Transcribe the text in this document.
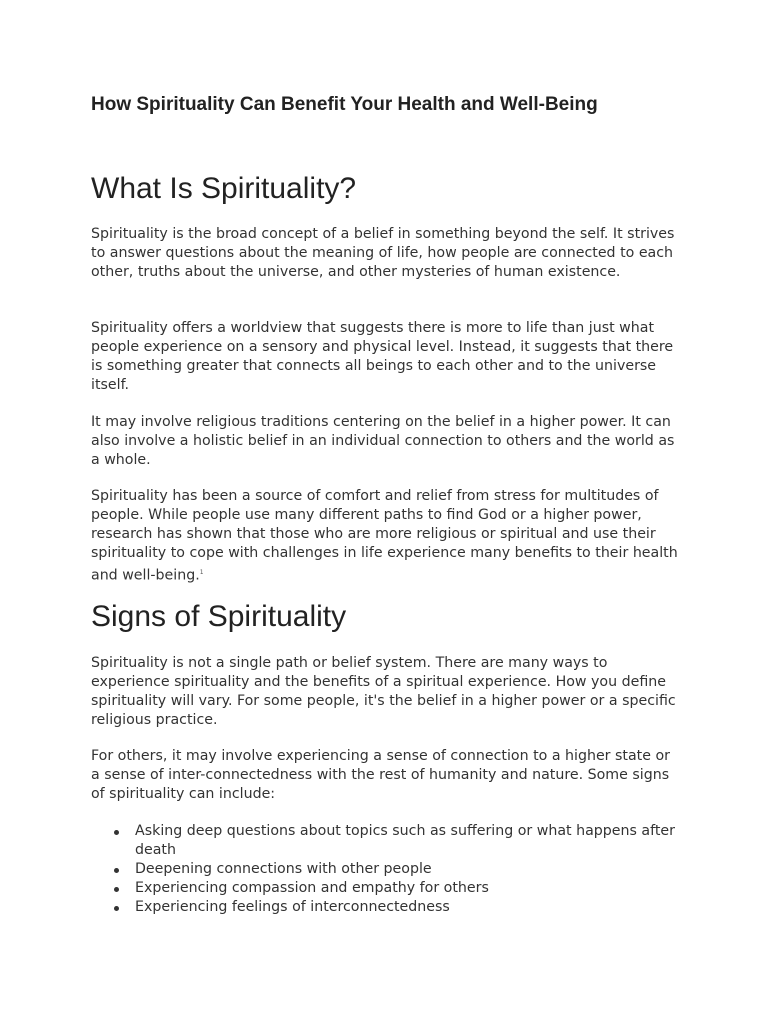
How Spirituality Can Benefit Your Health and Well-Being
What Is Spirituality?

Spirituality is the broad concept of a belief in something beyond the self. It strives to answer questions about the meaning of life, how people are connected to each other, truths about the universe, and other mysteries of human existence.

Spirituality offers a worldview that suggests there is more to life than just what people experience on a sensory and physical level. Instead, it suggests that there is something greater that connects all beings to each other and to the universe itself.

It may involve religious traditions centering on the belief in a higher power. It can also involve a holistic belief in an individual connection to others and the world as a whole.

Spirituality has been a source of comfort and relief from stress for multitudes of people. While people use many different paths to find God or a higher power, research has shown that those who are more religious or spiritual and use their spirituality to cope with challenges in life experience many benefits to their health and well-being.$^1$

Signs of Spirituality

Spirituality is not a single path or belief system. There are many ways to experience spirituality and the benefits of a spiritual experience. How you define spirituality will vary. For some people, it's the belief in a higher power or a specific religious practice.

For others, it may involve experiencing a sense of connection to a higher state or a sense of inter-connectedness with the rest of humanity and nature. Some signs of spirituality can include:

Asking deep questions about topics such as suffering or what happens after death
Deepening connections with other people
Experiencing compassion and empathy for others
Experiencing feelings of interconnectedness
